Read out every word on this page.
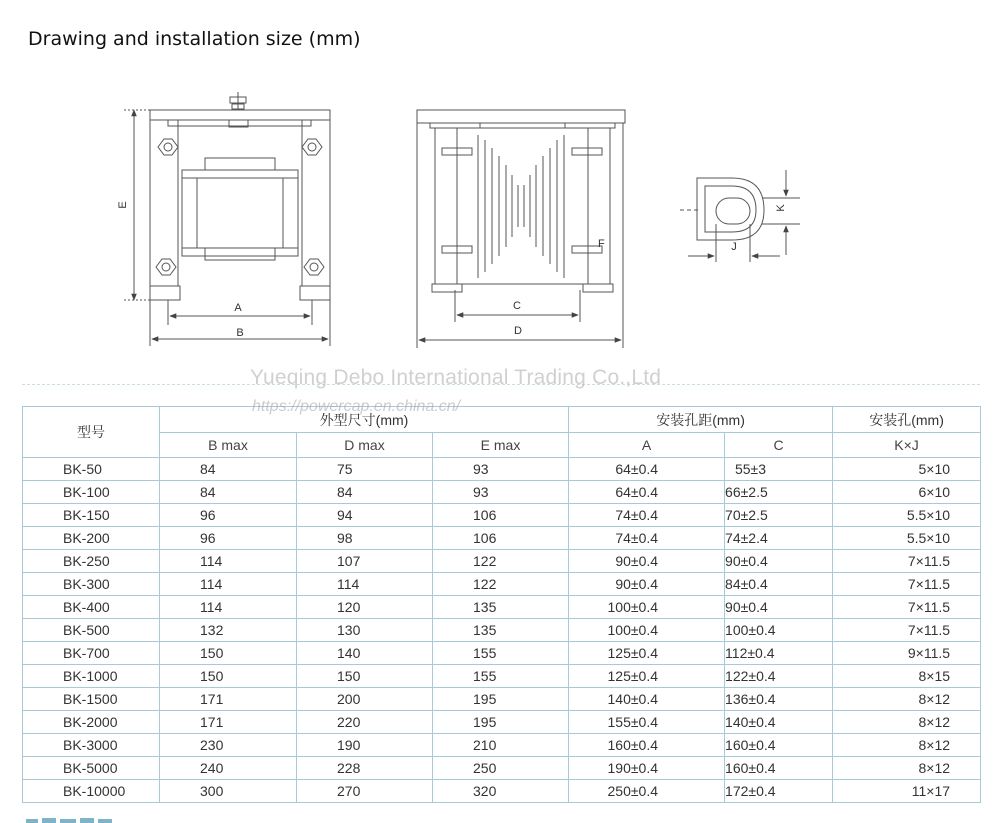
Drawing and installation size (mm)
A
B
E
C
D
F	J
K
型号	外型尺寸(mm)			安装孔距(mm)		安装孔(mm)
	B max	D max	E max	A	C	K×J
BK-50	84	75	93	64±0.4	55±3	5×10
BK-100	84	84	93	64±0.4	66±2.5	6×10
BK-150	96	94	106	74±0.4	70±2.5	5.5×10
BK-200	96	98	106	74±0.4	74±2.4	5.5×10
BK-250	114	107	122	90±0.4	90±0.4	7×11.5
BK-300	114	114	122	90±0.4	84±0.4	7×11.5
BK-400	114	120	135	100±0.4	90±0.4	7×11.5
BK-500	132	130	135	100±0.4	100±0.4	7×11.5
BK-700	150	140	155	125±0.4	112±0.4	9×11.5
BK-1000	150	150	155	125±0.4	122±0.4	8×15
BK-1500	171	200	195	140±0.4	136±0.4	8×12
BK-2000	171	220	195	155±0.4	140±0.4	8×12
BK-3000	230	190	210	160±0.4	160±0.4	8×12
BK-5000	240	228	250	190±0.4	160±0.4	8×12
BK-10000	300	270	320	250±0.4	172±0.4	11×17
Yueqing Debo International Trading Co.,Ltd
https://powercap.en.china.cn/
